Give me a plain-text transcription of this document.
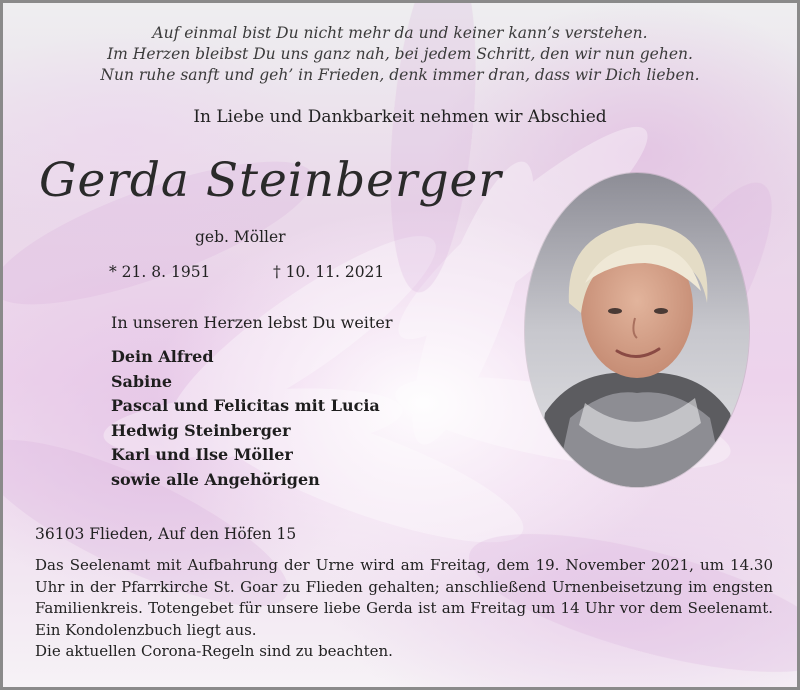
Auf einmal bist Du nicht mehr da und keiner kann’s verstehen.
Im Herzen bleibst Du uns ganz nah, bei jedem Schritt, den wir nun gehen.
Nun ruhe sanft und geh’ in Frieden, denk immer dran, dass wir Dich lieben.
In Liebe und Dankbarkeit nehmen wir Abschied
Gerda Steinberger
geb. Möller
* 21. 8. 1951	† 10. 11. 2021
In unseren Herzen lebst Du weiter
Dein Alfred
Sabine
Pascal und Felicitas mit Lucia
Hedwig Steinberger
Karl und Ilse Möller
sowie alle Angehörigen
36103 Flieden, Auf den Höfen 15
Das Seelenamt mit Aufbahrung der Urne wird am Freitag, dem 19. November 2021, um 14.30 Uhr in der Pfarrkirche St. Goar zu Flieden gehalten; anschließend Urnenbeisetzung im engsten Familienkreis. Totengebet für unsere liebe Gerda ist am Freitag um 14 Uhr vor dem Seelenamt. Ein Kondolenzbuch liegt aus.
Die aktuellen Corona-Regeln sind zu beachten.
